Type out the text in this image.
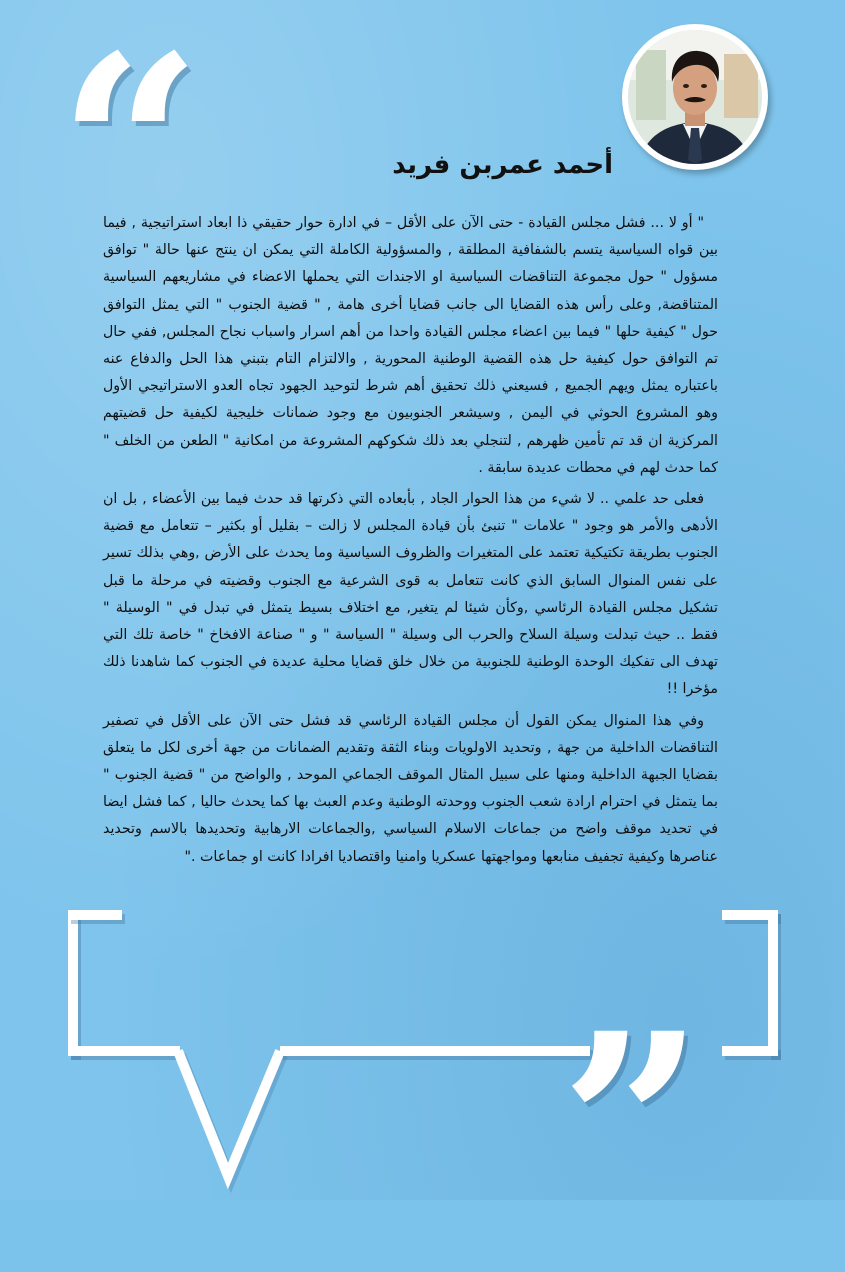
“
”
أحمد عمربن فريد

" أو لا ... فشل مجلس القيادة - حتى الآن على الأقل – في ادارة حوار حقيقي ذا ابعاد استراتيجية , فيما بين قواه السياسية يتسم بالشفافية المطلقة , والمسؤولية الكاملة التي يمكن ان ينتج عنها حالة " توافق مسؤول " حول مجموعة التناقضات السياسية او الاجندات التي يحملها الاعضاء في مشاريعهم السياسية المتناقضة, وعلى رأس هذه القضايا الى جانب قضايا أخرى هامة , " قضية الجنوب " التي يمثل التوافق حول " كيفية حلها " فيما بين اعضاء مجلس القيادة واحدا من أهم اسرار واسباب نجاح المجلس, ففي حال تم التوافق حول كيفية حل هذه القضية الوطنية المحورية , والالتزام التام بتبني هذا الحل والدفاع عنه باعتباره يمثل ويهم الجميع , فسيعني ذلك تحقيق أهم شرط لتوحيد الجهود تجاه العدو الاستراتيجي الأول وهو المشروع الحوثي في اليمن , وسيشعر الجنوبيون مع وجود ضمانات خليجية لكيفية حل قضيتهم المركزية ان قد تم تأمين ظهرهم , لتنجلي بعد ذلك شكوكهم المشروعة من امكانية " الطعن من الخلف " كما حدث لهم في محطات عديدة سابقة .

فعلى حد علمي .. لا شيء من هذا الحوار الجاد , بأبعاده التي ذكرتها قد حدث فيما بين الأعضاء , بل ان الأدهى والأمر هو وجود " علامات " تنبئ بأن قيادة المجلس لا زالت – بقليل أو بكثير – تتعامل مع قضية الجنوب بطريقة تكتيكية تعتمد على المتغيرات والظروف السياسية وما يحدث على الأرض ,وهي بذلك تسير على نفس المنوال السابق الذي كانت تتعامل به قوى الشرعية مع الجنوب وقضيته في مرحلة ما قبل تشكيل مجلس القيادة الرئاسي ,وكأن شيئا لم يتغير, مع اختلاف بسيط يتمثل في تبدل في " الوسيلة " فقط .. حيث تبدلت وسيلة السلاح والحرب الى وسيلة " السياسة " و " صناعة الافخاخ " خاصة تلك التي تهدف الى تفكيك الوحدة الوطنية للجنوبية من خلال خلق قضايا محلية عديدة في الجنوب كما شاهدنا ذلك مؤخرا !!

وفي هذا المنوال يمكن القول أن مجلس القيادة الرئاسي قد فشل حتى الآن على الأقل في تصفير التناقضات الداخلية من جهة , وتحديد الاولويات وبناء الثقة وتقديم الضمانات من جهة أخرى لكل ما يتعلق بقضايا الجبهة الداخلية ومنها على سبيل المثال الموقف الجماعي الموحد , والواضح من " قضية الجنوب " بما يتمثل في احترام ارادة شعب الجنوب ووحدته الوطنية وعدم العبث بها كما يحدث حاليا , كما فشل ايضا في تحديد موقف واضح من جماعات الاسلام السياسي ,والجماعات الارهابية وتحديدها بالاسم وتحديد عناصرها وكيفية تجفيف منابعها ومواجهتها عسكريا وامنيا واقتصاديا افرادا كانت او جماعات ."
